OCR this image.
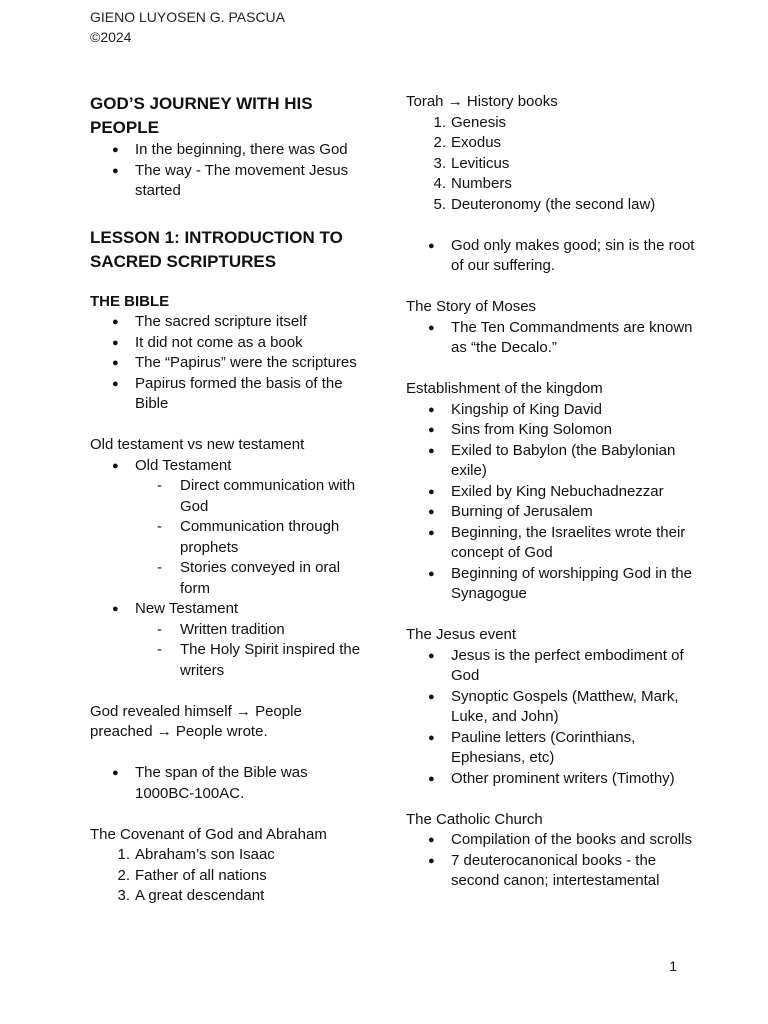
GIENO LUYOSEN G. PASCUA
©2024
GOD’S JOURNEY WITH HIS PEOPLE
● In the beginning, there was God
● The way - The movement Jesus started
LESSON 1: INTRODUCTION TO SACRED SCRIPTURES
THE BIBLE
● The sacred scripture itself
● It did not come as a book
● The “Papirus” were the scriptures
● Papirus formed the basis of the Bible

Old testament vs new testament

● Old Testament
- Direct communication with God
- Communication through prophets
- Stories conveyed in oral form
● New Testament
- Written tradition
- The Holy Spirit inspired the writers

God revealed himself → People preached → People wrote.

● The span of the Bible was 1000BC-100AC.

The Covenant of God and Abraham

Abraham’s son Isaac
Father of all nations
A great descendant

Torah → History books

Genesis
Exodus
Leviticus
Numbers
Deuteronomy (the second law)
● God only makes good; sin is the root of our suffering.

The Story of Moses

● The Ten Commandments are known as “the Decalo.”

Establishment of the kingdom

● Kingship of King David
● Sins from King Solomon
● Exiled to Babylon (the Babylonian exile)
● Exiled by King Nebuchadnezzar
● Burning of Jerusalem
● Beginning, the Israelites wrote their concept of God
● Beginning of worshipping God in the Synagogue

The Jesus event

● Jesus is the perfect embodiment of God
● Synoptic Gospels (Matthew, Mark, Luke, and John)
● Pauline letters (Corinthians, Ephesians, etc)
● Other prominent writers (Timothy)

The Catholic Church

● Compilation of the books and scrolls
● 7 deuterocanonical books - the second canon; intertestamental
1
